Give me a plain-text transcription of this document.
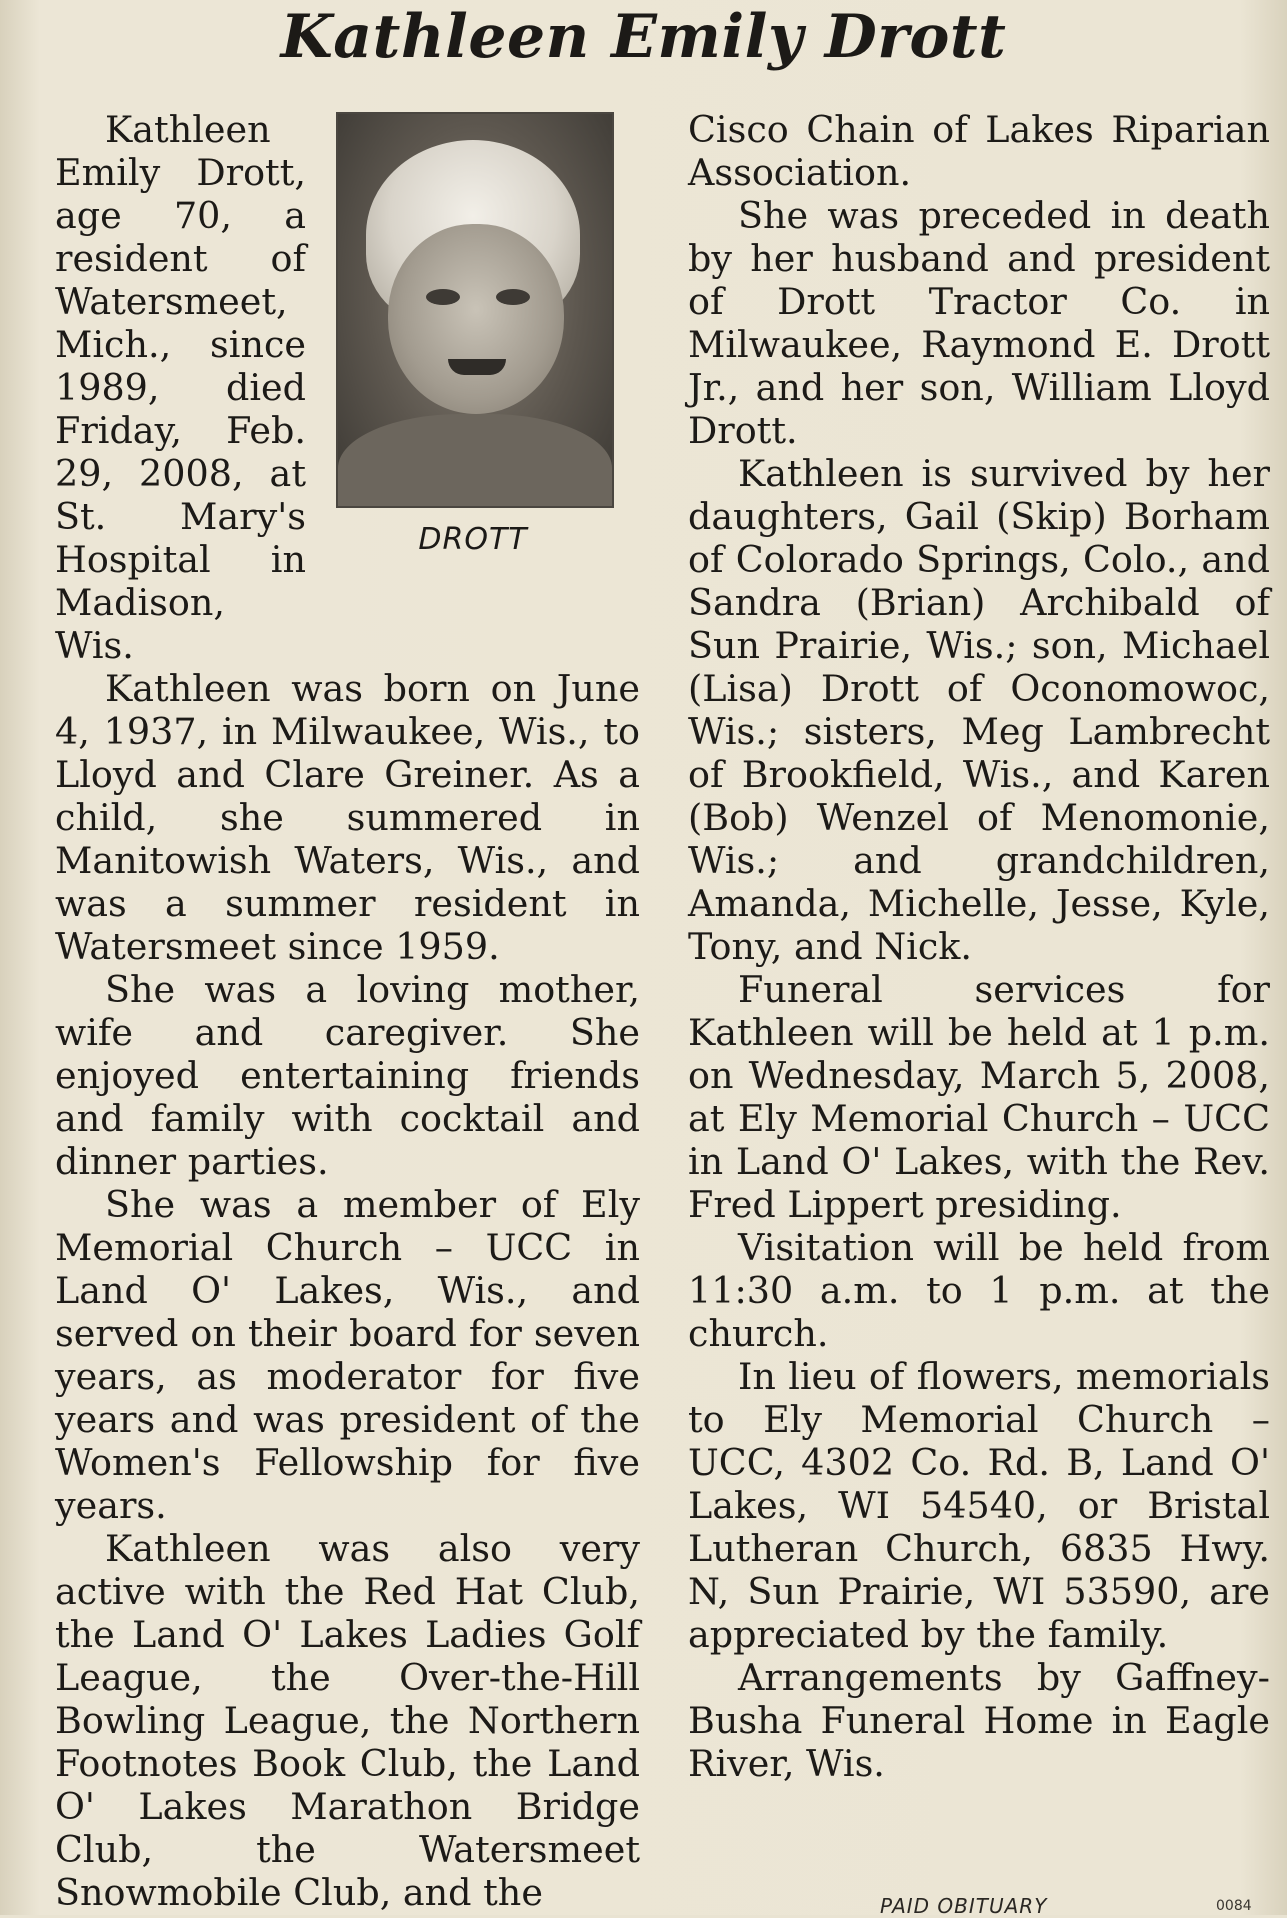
Kathleen Emily Drott
DROTT

Kathleen Emily Drott, age 70, a resident of Watersmeet, Mich., since 1989, died Friday, Feb. 29, 2008, at St. Mary's Hospital in Madison, Wis.

Kathleen was born on June 4, 1937, in Milwaukee, Wis., to Lloyd and Clare Greiner. As a child, she summered in Manitowish Waters, Wis., and was a summer resident in Watersmeet since 1959.

She was a loving mother, wife and caregiver. She enjoyed entertaining friends and family with cocktail and dinner parties.

She was a member of Ely Memorial Church – UCC in Land O' Lakes, Wis., and served on their board for seven years, as moderator for five years and was president of the Women's Fellowship for five years.

Kathleen was also very active with the Red Hat Club, the Land O' Lakes Ladies Golf League, the Over-the-Hill Bowling League, the Northern Footnotes Book Club, the Land O' Lakes Marathon Bridge Club, the Watersmeet Snowmobile Club, and the

Cisco Chain of Lakes Riparian Association.

She was preceded in death by her husband and president of Drott Tractor Co. in Milwaukee, Raymond E. Drott Jr., and her son, William Lloyd Drott.

Kathleen is survived by her daughters, Gail (Skip) Borham of Colorado Springs, Colo., and Sandra (Brian) Archibald of Sun Prairie, Wis.; son, Michael (Lisa) Drott of Oconomowoc, Wis.; sisters, Meg Lambrecht of Brookfield, Wis., and Karen (Bob) Wenzel of Menomonie, Wis.; and grandchildren, Amanda, Michelle, Jesse, Kyle, Tony, and Nick.

Funeral services for Kathleen will be held at 1 p.m. on Wednesday, March 5, 2008, at Ely Memorial Church – UCC in Land O' Lakes, with the Rev. Fred Lippert presiding.

Visitation will be held from 11:30 a.m. to 1 p.m. at the church.

In lieu of flowers, memorials to Ely Memorial Church – UCC, 4302 Co. Rd. B, Land O' Lakes, WI 54540, or Bristal Lutheran Church, 6835 Hwy. N, Sun Prairie, WI 53590, are appreciated by the family.

Arrangements by Gaffney-Busha Funeral Home in Eagle River, Wis.

PAID OBITUARY	0084
